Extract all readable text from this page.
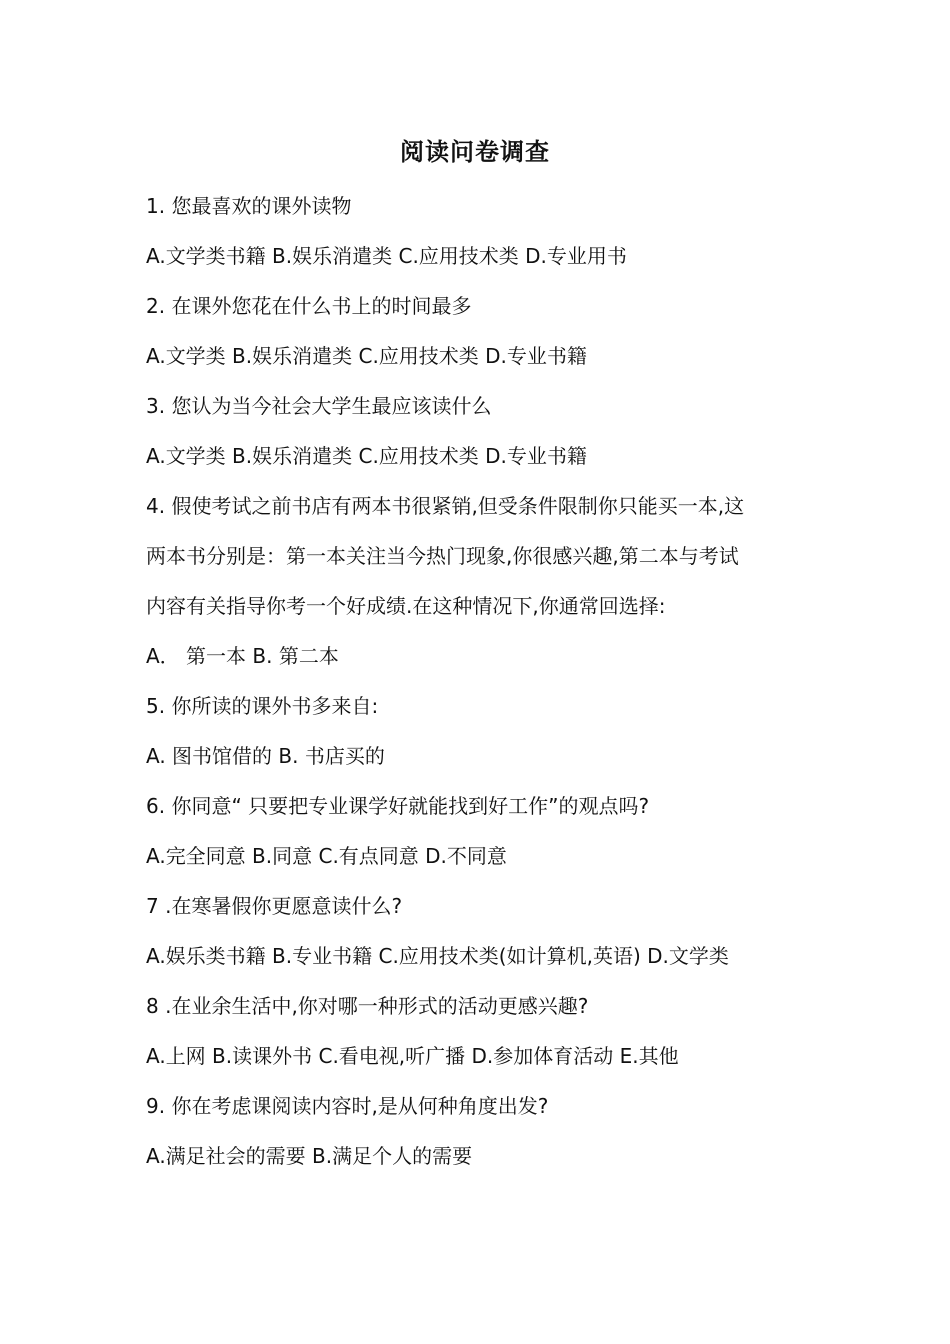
阅读问卷调查
1. 您最喜欢的课外读物
A.文学类书籍 B.娱乐消遣类 C.应用技术类 D.专业用书
2. 在课外您花在什么书上的时间最多
A.文学类 B.娱乐消遣类 C.应用技术类 D.专业书籍
3. 您认为当今社会大学生最应该读什么
A.文学类 B.娱乐消遣类 C.应用技术类 D.专业书籍
4. 假使考试之前书店有两本书很紧销,但受条件限制你只能买一本,这
两本书分别是：第一本关注当今热门现象,你很感兴趣,第二本与考试
内容有关指导你考一个好成绩.在这种情况下,你通常回选择:
A． 第一本 B. 第二本
5. 你所读的课外书多来自:
A. 图书馆借的 B. 书店买的
6. 你同意“ 只要把专业课学好就能找到好工作”的观点吗?
A.完全同意 B.同意 C.有点同意 D.不同意
7 .在寒暑假你更愿意读什么?
A.娱乐类书籍 B.专业书籍 C.应用技术类(如计算机,英语) D.文学类
8 .在业余生活中,你对哪一种形式的活动更感兴趣?
A.上网 B.读课外书 C.看电视,听广播 D.参加体育活动 E.其他
9. 你在考虑课阅读内容时,是从何种角度出发?
A.满足社会的需要 B.满足个人的需要
